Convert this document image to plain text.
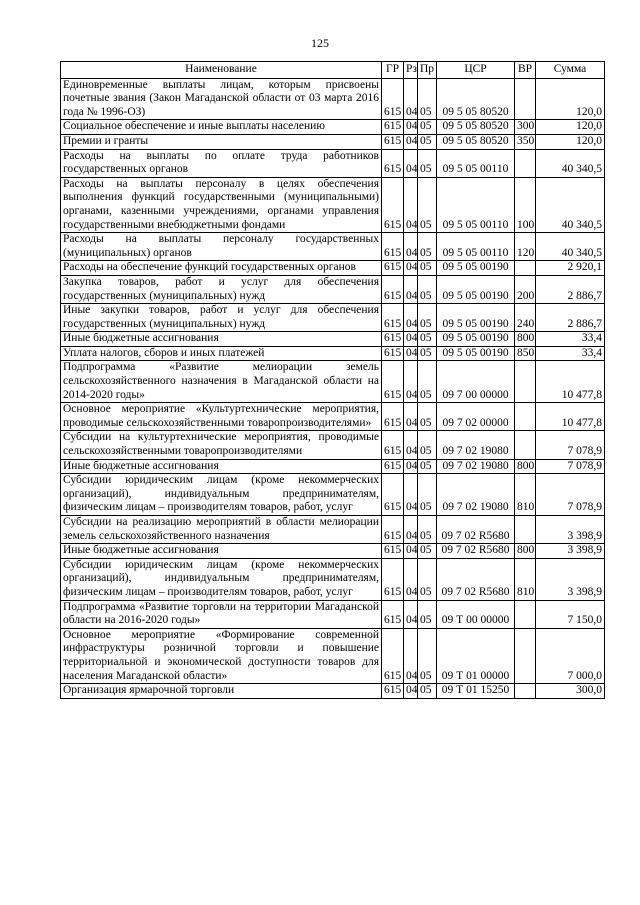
125
Наименование	ГР	Рз	Пр	ЦСР	ВР	Сумма
Единовременные выплаты лицам, которым присвоены почетные звания (Закон Магаданской области от 03 марта 2016 года № 1996-ОЗ)	615	04	05	09 5 05 80520		120,0
Социальное обеспечение и иные выплаты населению	615	04	05	09 5 05 80520	300	120,0
Премии и гранты	615	04	05	09 5 05 80520	350	120,0
Расходы на выплаты по оплате труда работников государственных органов	615	04	05	09 5 05 00110		40 340,5
Расходы на выплаты персоналу в целях обеспечения выполнения функций государственными (муниципальными) органами, казенными учреждениями, органами управления государственными внебюджетными фондами	615	04	05	09 5 05 00110	100	40 340,5
Расходы на выплаты персоналу государственных (муниципальных) органов	615	04	05	09 5 05 00110	120	40 340,5
Расходы на обеспечение функций государственных органов	615	04	05	09 5 05 00190		2 920,1
Закупка товаров, работ и услуг для обеспечения государственных (муниципальных) нужд	615	04	05	09 5 05 00190	200	2 886,7
Иные закупки товаров, работ и услуг для обеспечения государственных (муниципальных) нужд	615	04	05	09 5 05 00190	240	2 886,7
Иные бюджетные ассигнования	615	04	05	09 5 05 00190	800	33,4
Уплата налогов, сборов и иных платежей	615	04	05	09 5 05 00190	850	33,4
Подпрограмма «Развитие мелиорации земель сельскохозяйственного назначения в Магаданской области на 2014-2020 годы»	615	04	05	09 7 00 00000		10 477,8
Основное мероприятие «Культуртехнические мероприятия, проводимые сельскохозяйственными товаропроизводителями»	615	04	05	09 7 02 00000		10 477,8
Субсидии на культуртехнические мероприятия, проводимые сельскохозяйственными товаропроизводителями	615	04	05	09 7 02 19080		7 078,9
Иные бюджетные ассигнования	615	04	05	09 7 02 19080	800	7 078,9
Субсидии юридическим лицам (кроме некоммерческих организаций), индивидуальным предпринимателям, физическим лицам – производителям товаров, работ, услуг	615	04	05	09 7 02 19080	810	7 078,9
Субсидии на реализацию мероприятий в области мелиорации земель сельскохозяйственного назначения	615	04	05	09 7 02 R5680		3 398,9
Иные бюджетные ассигнования	615	04	05	09 7 02 R5680	800	3 398,9
Субсидии юридическим лицам (кроме некоммерческих организаций), индивидуальным предпринимателям, физическим лицам – производителям товаров, работ, услуг	615	04	05	09 7 02 R5680	810	3 398,9
Подпрограмма «Развитие торговли на территории Магаданской области на 2016-2020 годы»	615	04	05	09 Т 00 00000		7 150,0
Основное мероприятие «Формирование современной инфраструктуры розничной торговли и повышение территориальной и экономической доступности товаров для населения Магаданской области»	615	04	05	09 Т 01 00000		7 000,0
Организация ярмарочной торговли	615	04	05	09 Т 01 15250		300,0
